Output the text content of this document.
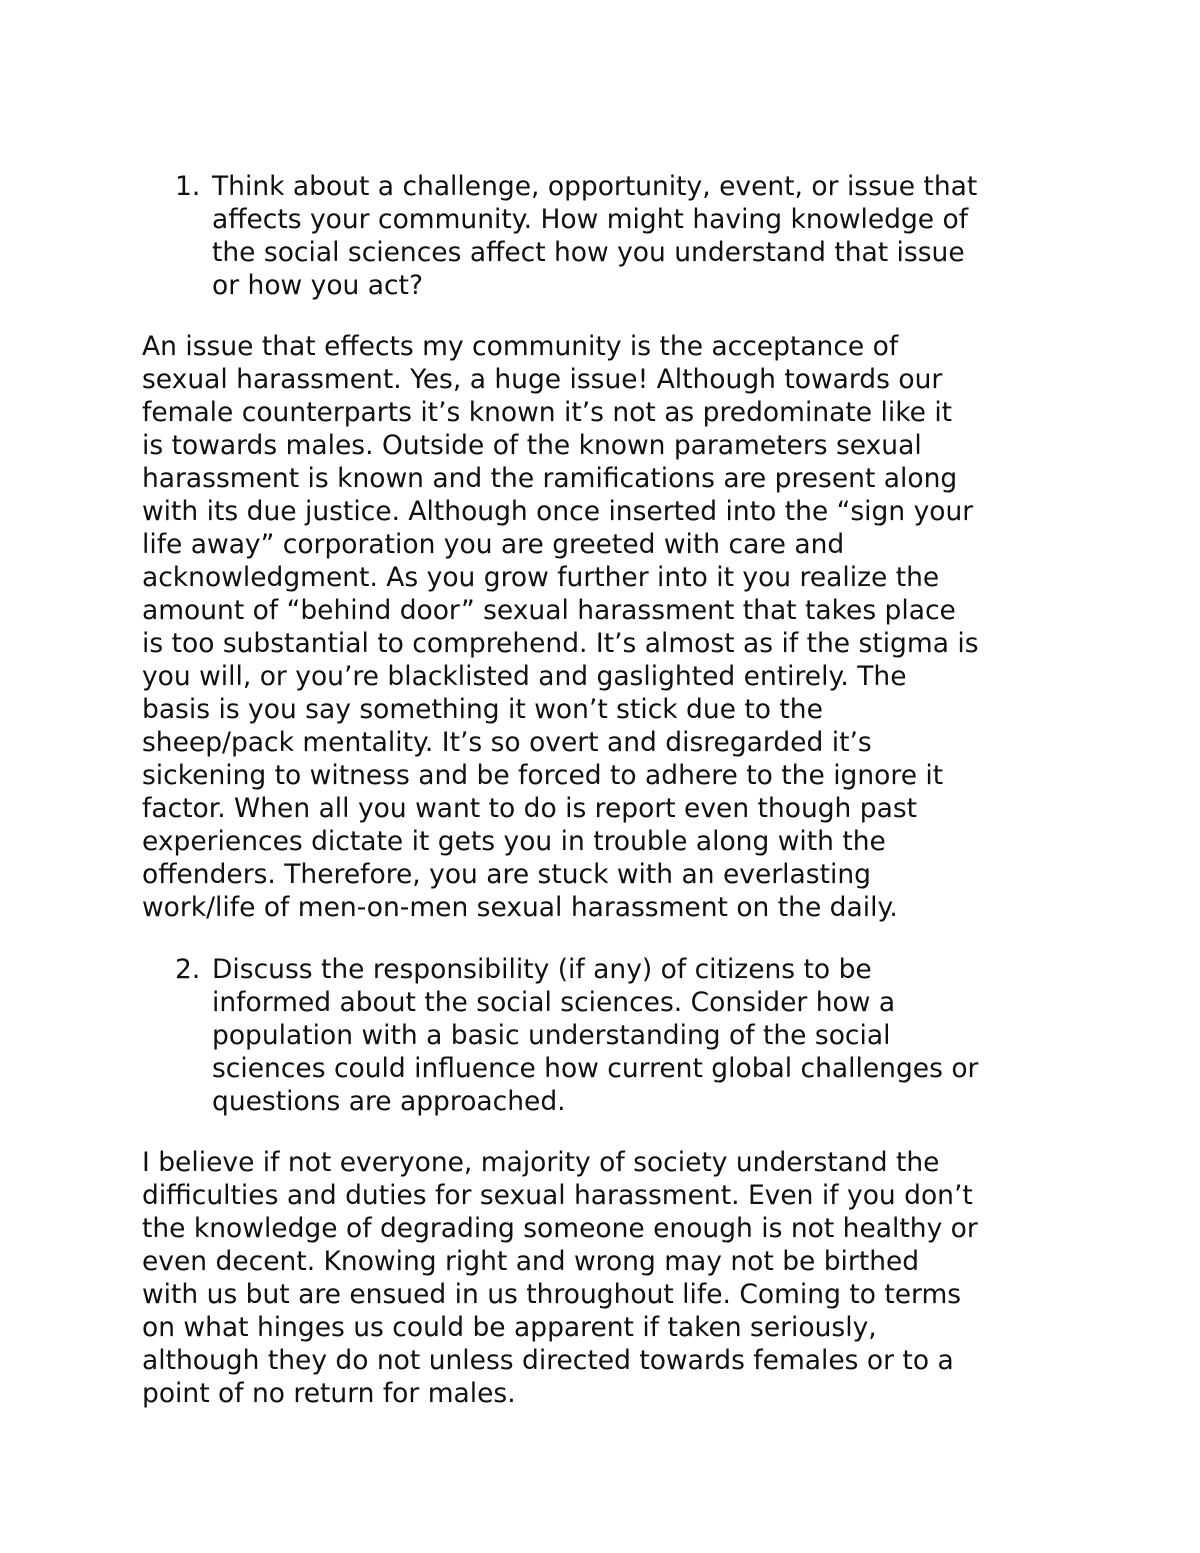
1. Think about a challenge, opportunity, event, or issue that
affects your community. How might having knowledge of
the social sciences affect how you understand that issue
or how you act?
An issue that effects my community is the acceptance of
sexual harassment. Yes, a huge issue! Although towards our
female counterparts it’s known it’s not as predominate like it
is towards males. Outside of the known parameters sexual
harassment is known and the ramifications are present along
with its due justice. Although once inserted into the “sign your
life away” corporation you are greeted with care and
acknowledgment. As you grow further into it you realize the
amount of “behind door” sexual harassment that takes place
is too substantial to comprehend. It’s almost as if the stigma is
you will, or you’re blacklisted and gaslighted entirely. The
basis is you say something it won’t stick due to the
sheep/pack mentality. It’s so overt and disregarded it’s
sickening to witness and be forced to adhere to the ignore it
factor. When all you want to do is report even though past
experiences dictate it gets you in trouble along with the
offenders. Therefore, you are stuck with an everlasting
work/life of men-on-men sexual harassment on the daily.
2. Discuss the responsibility (if any) of citizens to be
informed about the social sciences. Consider how a
population with a basic understanding of the social
sciences could influence how current global challenges or
questions are approached.
I believe if not everyone, majority of society understand the
difficulties and duties for sexual harassment. Even if you don’t
the knowledge of degrading someone enough is not healthy or
even decent. Knowing right and wrong may not be birthed
with us but are ensued in us throughout life. Coming to terms
on what hinges us could be apparent if taken seriously,
although they do not unless directed towards females or to a
point of no return for males.
